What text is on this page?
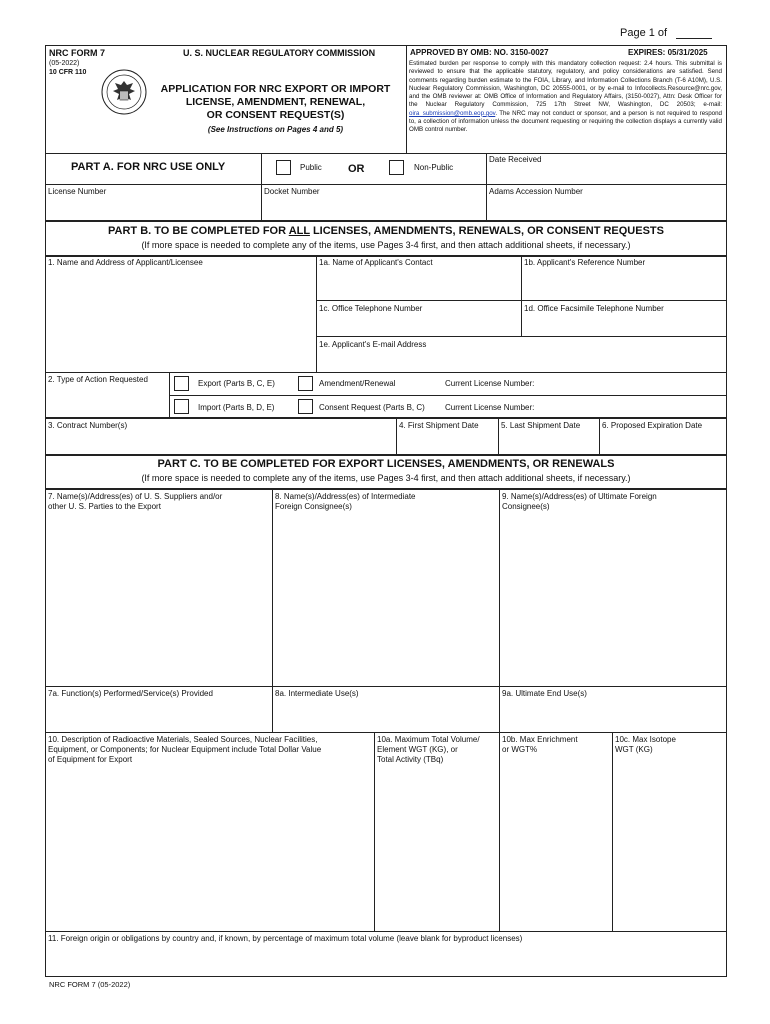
Page 1 of
NRC FORM 7
(05-2022)
10 CFR 110
U. S. NUCLEAR REGULATORY COMMISSION
APPLICATION FOR NRC EXPORT OR IMPORT
LICENSE, AMENDMENT, RENEWAL,
OR CONSENT REQUEST(S)
(See Instructions on Pages 4 and 5)
APPROVED BY OMB: NO. 3150-0027	EXPIRES: 05/31/2025
Estimated burden per response to comply with this mandatory collection request: 2.4 hours. This submittal is reviewed to ensure that the applicable statutory, regulatory, and policy considerations are satisfied. Send comments regarding burden estimate to the FOIA, Library, and Information Collections Branch (T-6 A10M), U.S. Nuclear Regulatory Commission, Washington, DC 20555-0001, or by e-mail to Infocollects.Resource@nrc.gov, and the OMB reviewer at: OMB Office of Information and Regulatory Affairs, (3150-0027), Attn: Desk Officer for the Nuclear Regulatory Commission, 725 17th Street NW, Washington, DC 20503; e-mail: oira_submission@omb.eop.gov. The NRC may not conduct or sponsor, and a person is not required to respond to, a collection of information unless the document requesting or requiring the collection displays a currently valid OMB control number.
PART A. FOR NRC USE ONLY	Public OR	Non-Public
Date Received
License Number	Docket Number	Adams Accession Number
PART B. TO BE COMPLETED FOR ALL LICENSES, AMENDMENTS, RENEWALS, OR CONSENT REQUESTS
(If more space is needed to complete any of the items, use Pages 3-4 first, and then attach additional sheets, if necessary.)
1. Name and Address of Applicant/Licensee	1a. Name of Applicant's Contact	1b. Applicant's Reference Number
1c. Office Telephone Number	1d. Office Facsimile Telephone Number
1e. Applicant's E-mail Address
2. Type of Action Requested	Export (Parts B, C, E)	Amendment/Renewal	Current License Number:
Import (Parts B, D, E)	Consent Request (Parts B, C)	Current License Number:
3. Contract Number(s)	4. First Shipment Date	5. Last Shipment Date	6. Proposed Expiration Date
PART C. TO BE COMPLETED FOR EXPORT LICENSES, AMENDMENTS, OR RENEWALS
(If more space is needed to complete any of the items, use Pages 3-4 first, and then attach additional sheets, if necessary.)
7. Name(s)/Address(es) of U. S. Suppliers and/or
other U. S. Parties to the Export
8. Name(s)/Address(es) of Intermediate
Foreign Consignee(s)
9. Name(s)/Address(es) of Ultimate Foreign
Consignee(s)
7a. Function(s) Performed/Service(s) Provided	8a. Intermediate Use(s)	9a. Ultimate End Use(s)
10. Description of Radioactive Materials, Sealed Sources, Nuclear Facilities,
Equipment, or Components; for Nuclear Equipment include Total Dollar Value
of Equipment for Export
10a. Maximum Total Volume/
Element WGT (KG), or
Total Activity (TBq)
10b. Max Enrichment
or WGT%
10c. Max Isotope
WGT (KG)
11. Foreign origin or obligations by country and, if known, by percentage of maximum total volume (leave blank for byproduct licenses)
NRC FORM 7 (05-2022)
